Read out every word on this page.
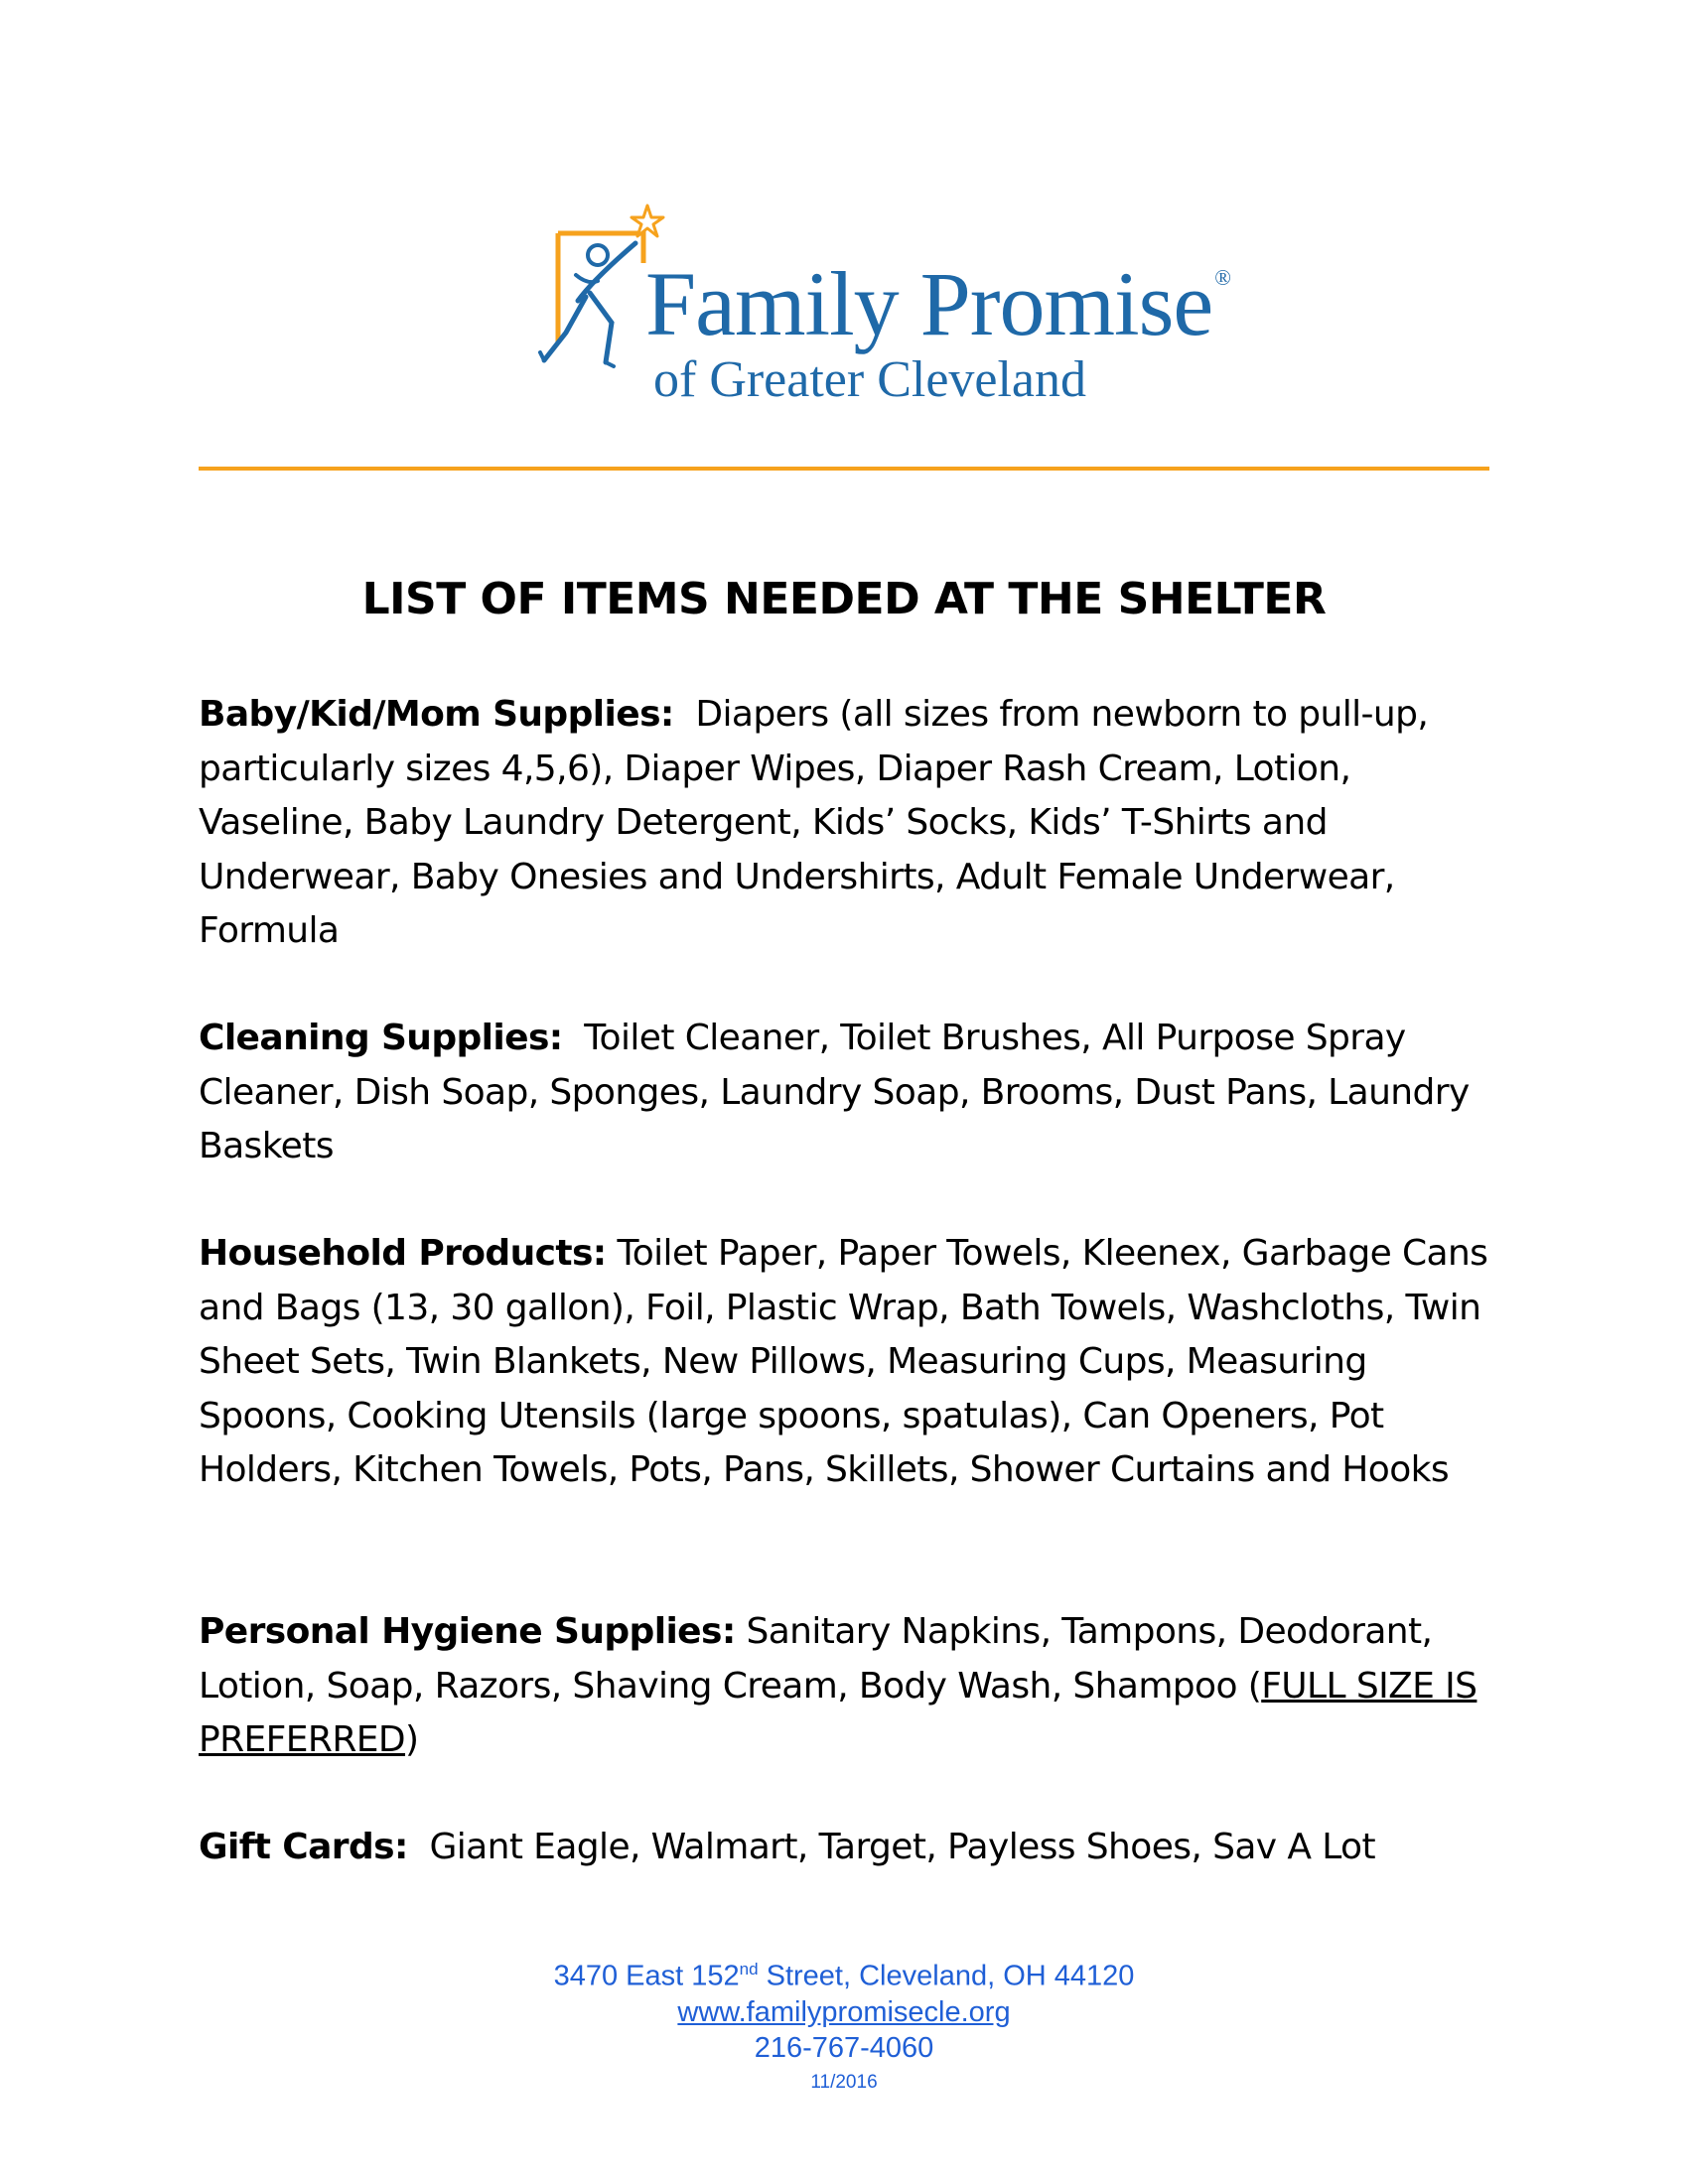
Family Promise®
of Greater Cleveland
LIST OF ITEMS NEEDED AT THE SHELTER
Baby/Kid/Mom Supplies: Diapers (all sizes from newborn to pull-up, particularly sizes 4,5,6), Diaper Wipes, Diaper Rash Cream, Lotion, Vaseline, Baby Laundry Detergent, Kids’ Socks, Kids’ T-Shirts and Underwear, Baby Onesies and Undershirts, Adult Female Underwear, Formula
Cleaning Supplies: Toilet Cleaner, Toilet Brushes, All Purpose Spray Cleaner, Dish Soap, Sponges, Laundry Soap, Brooms, Dust Pans, Laundry Baskets
Household Products: Toilet Paper, Paper Towels, Kleenex, Garbage Cans and Bags (13, 30 gallon), Foil, Plastic Wrap, Bath Towels, Washcloths, Twin Sheet Sets, Twin Blankets, New Pillows, Measuring Cups, Measuring Spoons, Cooking Utensils (large spoons, spatulas), Can Openers, Pot Holders, Kitchen Towels, Pots, Pans, Skillets, Shower Curtains and Hooks
Personal Hygiene Supplies: Sanitary Napkins, Tampons, Deodorant, Lotion, Soap, Razors, Shaving Cream, Body Wash, Shampoo (FULL SIZE IS PREFERRED)
Gift Cards: Giant Eagle, Walmart, Target, Payless Shoes, Sav A Lot
3470 East 152nd Street, Cleveland, OH 44120
www.familypromisecle.org
216-767-4060
11/2016
